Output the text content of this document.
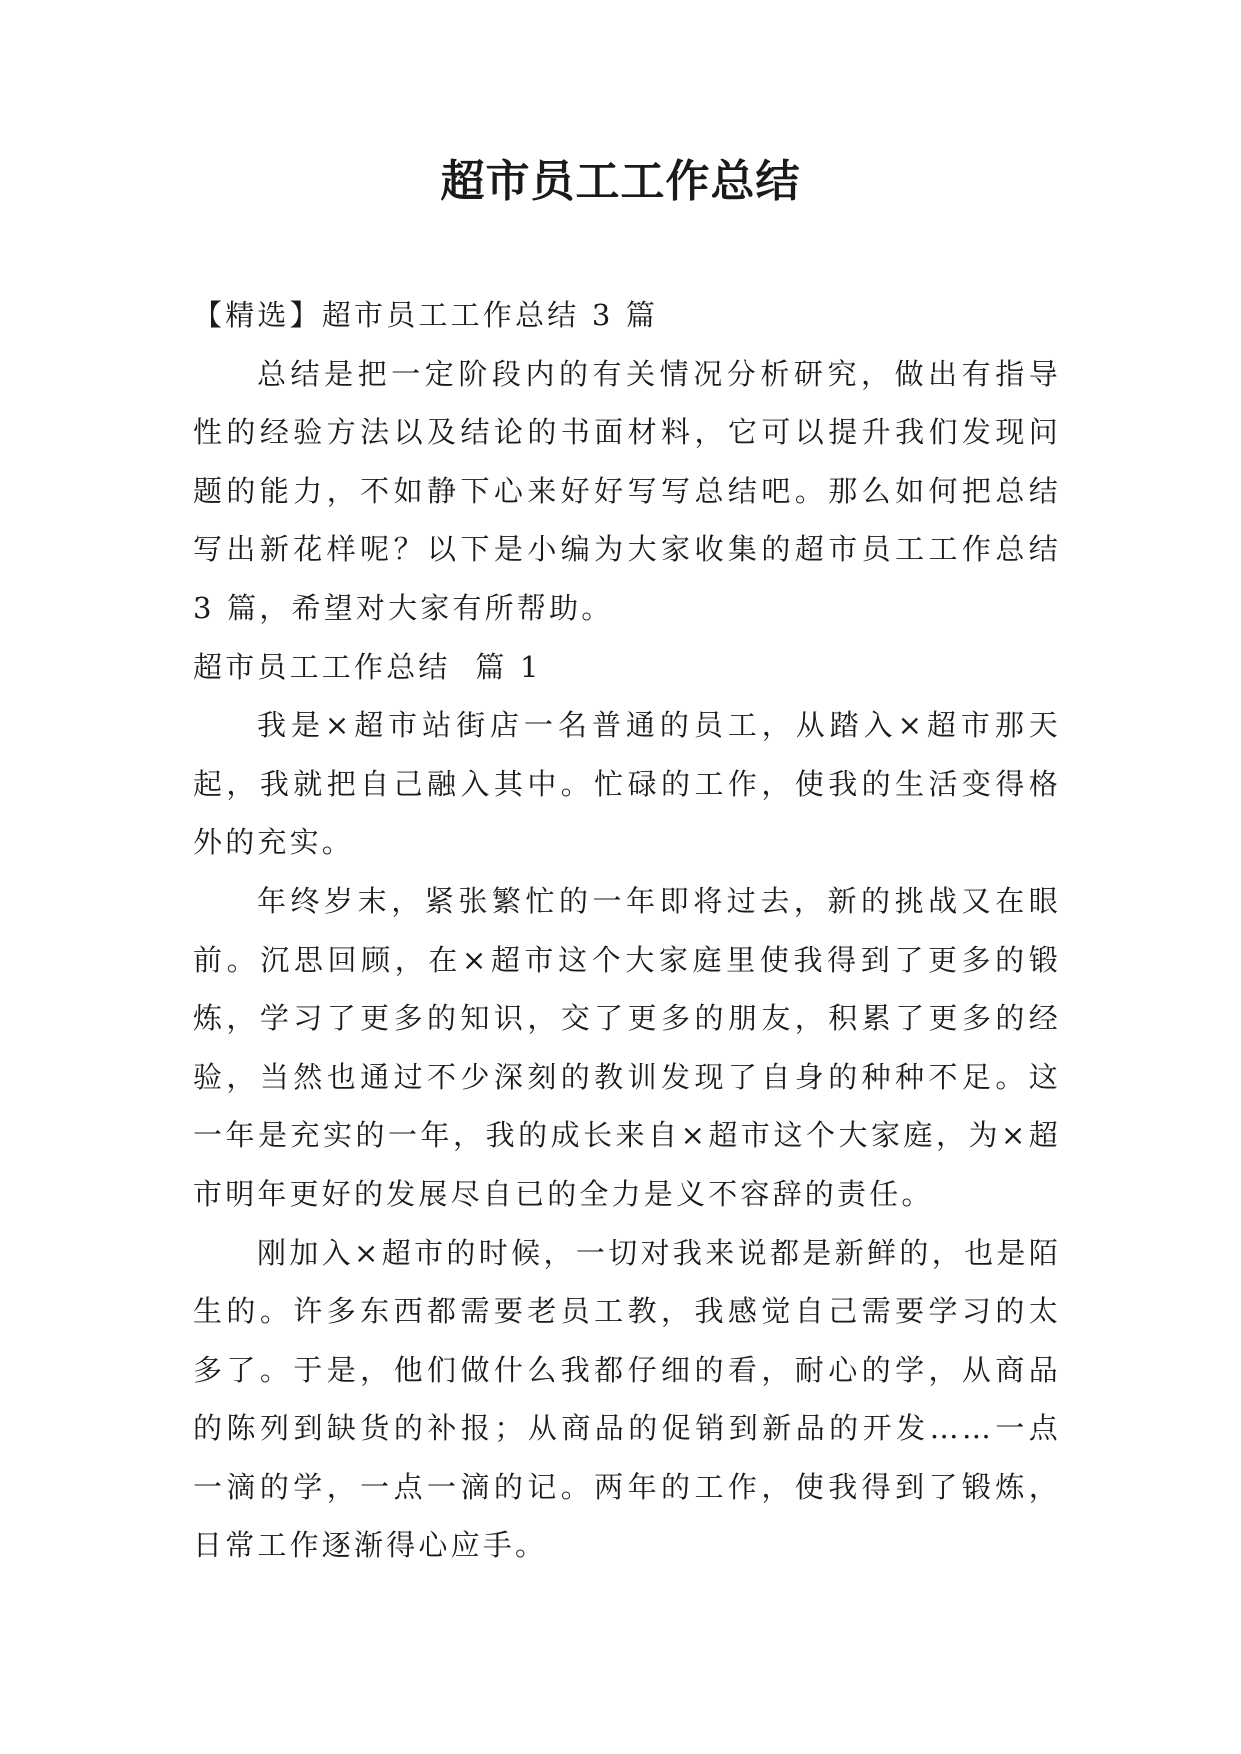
超市员工工作总结

【精选】超市员工工作总结 3 篇

总结是把一定阶段内的有关情况分析研究，做出有指导性的经验方法以及结论的书面材料，它可以提升我们发现问题的能力，不如静下心来好好写写总结吧。那么如何把总结写出新花样呢？以下是小编为大家收集的超市员工工作总结 3 篇，希望对大家有所帮助。

超市员工工作总结  篇 1

我是×超市站街店一名普通的员工，从踏入×超市那天起，我就把自己融入其中。忙碌的工作，使我的生活变得格外的充实。

年终岁末，紧张繁忙的一年即将过去，新的挑战又在眼前。沉思回顾，在×超市这个大家庭里使我得到了更多的锻炼，学习了更多的知识，交了更多的朋友，积累了更多的经验，当然也通过不少深刻的教训发现了自身的种种不足。这一年是充实的一年，我的成长来自×超市这个大家庭，为×超市明年更好的发展尽自已的全力是义不容辞的责任。

刚加入×超市的时候，一切对我来说都是新鲜的，也是陌生的。许多东西都需要老员工教，我感觉自己需要学习的太多了。于是，他们做什么我都仔细的看，耐心的学，从商品的陈列到缺货的补报；从商品的促销到新品的开发……一点一滴的学，一点一滴的记。两年的工作，使我得到了锻炼，日常工作逐渐得心应手。
